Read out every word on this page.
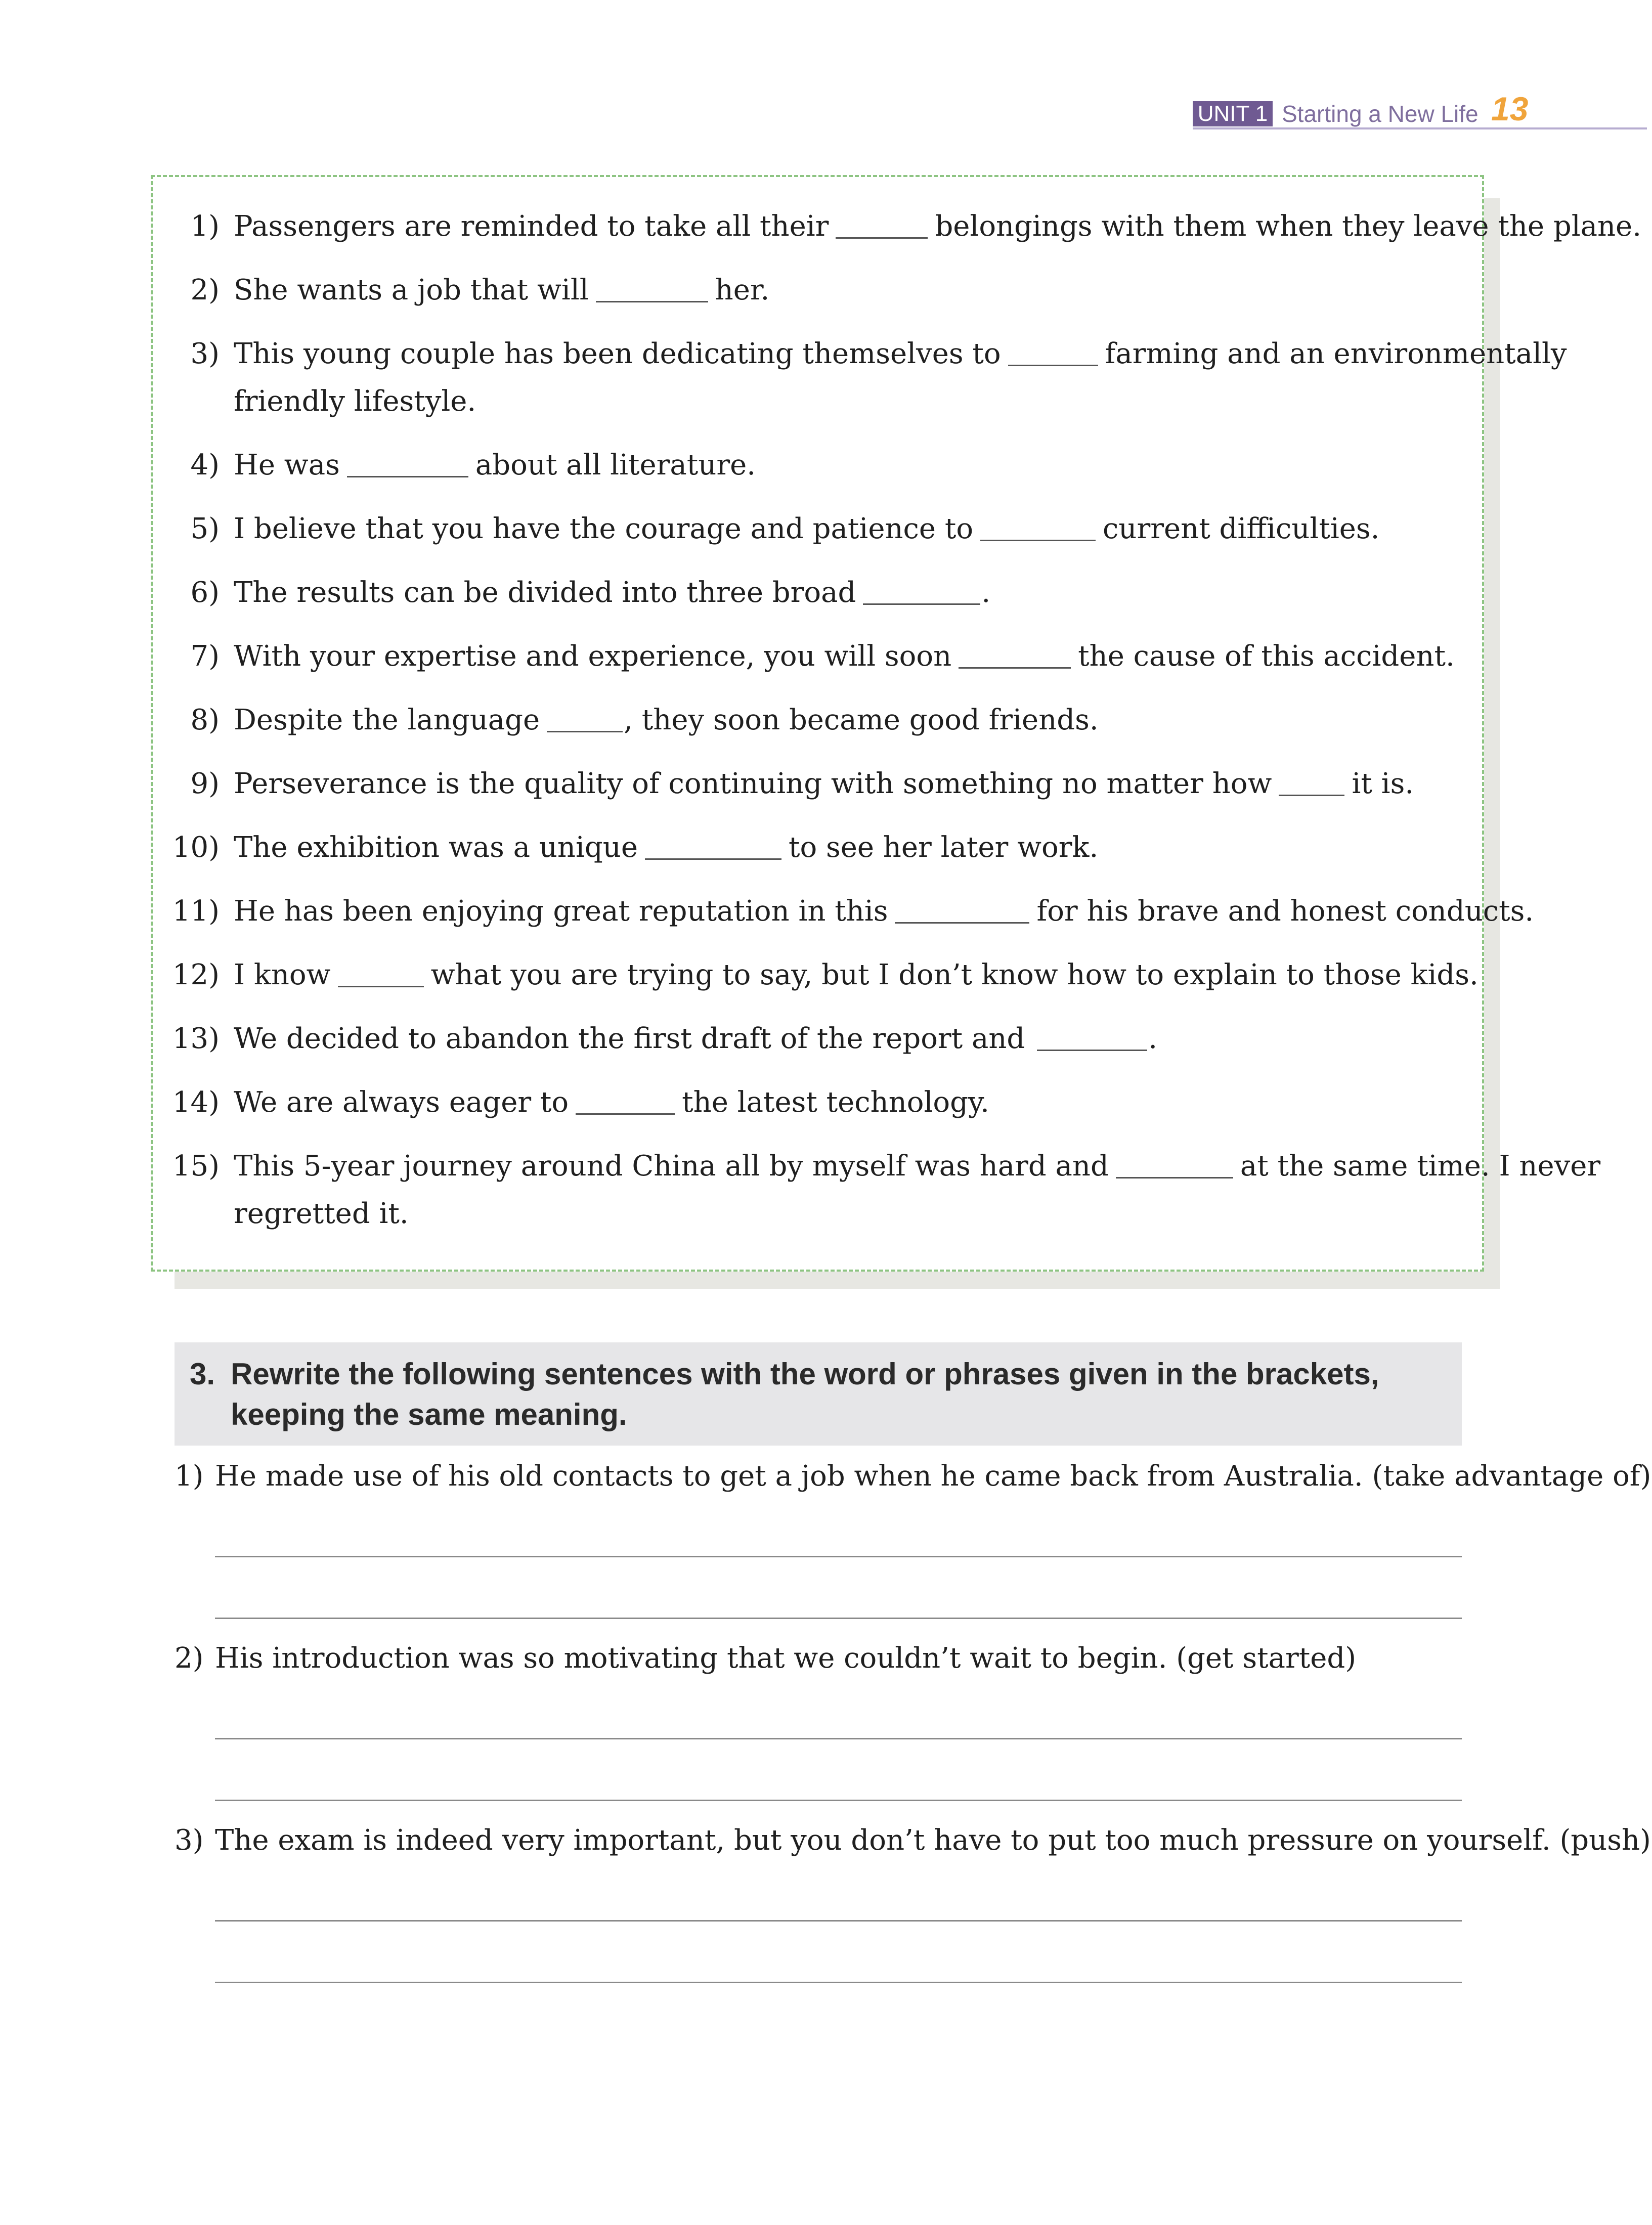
UNIT 1 Starting a New Life 13
1) Passengers are reminded to take all their	belongings with them when they leave the plane.
2) She wants a job that will	her.
3) This young couple has been dedicating themselves to	farming and an environmentally
friendly lifestyle.
4) He was	about all literature.
5) I believe that you have the courage and patience to	current difficulties.
6) The results can be divided into three broad	.
7) With your expertise and experience, you will soon	the cause of this accident.
8) Despite the language	, they soon became good friends.
9) Perseverance is the quality of continuing with something no matter how	it is.
10) The exhibition was a unique	to see her later work.
11) He has been enjoying great reputation in this	for his brave and honest conducts.
12) I know	what you are trying to say, but I don’t know how to explain to those kids.
13) We decided to abandon the first draft of the report and	.
14) We are always eager to	the latest technology.
15) This 5-year journey around China all by myself was hard and	at the same time. I never
regretted it.
3. Rewrite the following sentences with the word or phrases given in the brackets,
keeping the same meaning.
1) He made use of his old contacts to get a job when he came back from Australia. (take advantage of)
2) His introduction was so motivating that we couldn’t wait to begin. (get started)
3) The exam is indeed very important, but you don’t have to put too much pressure on yourself. (push)
